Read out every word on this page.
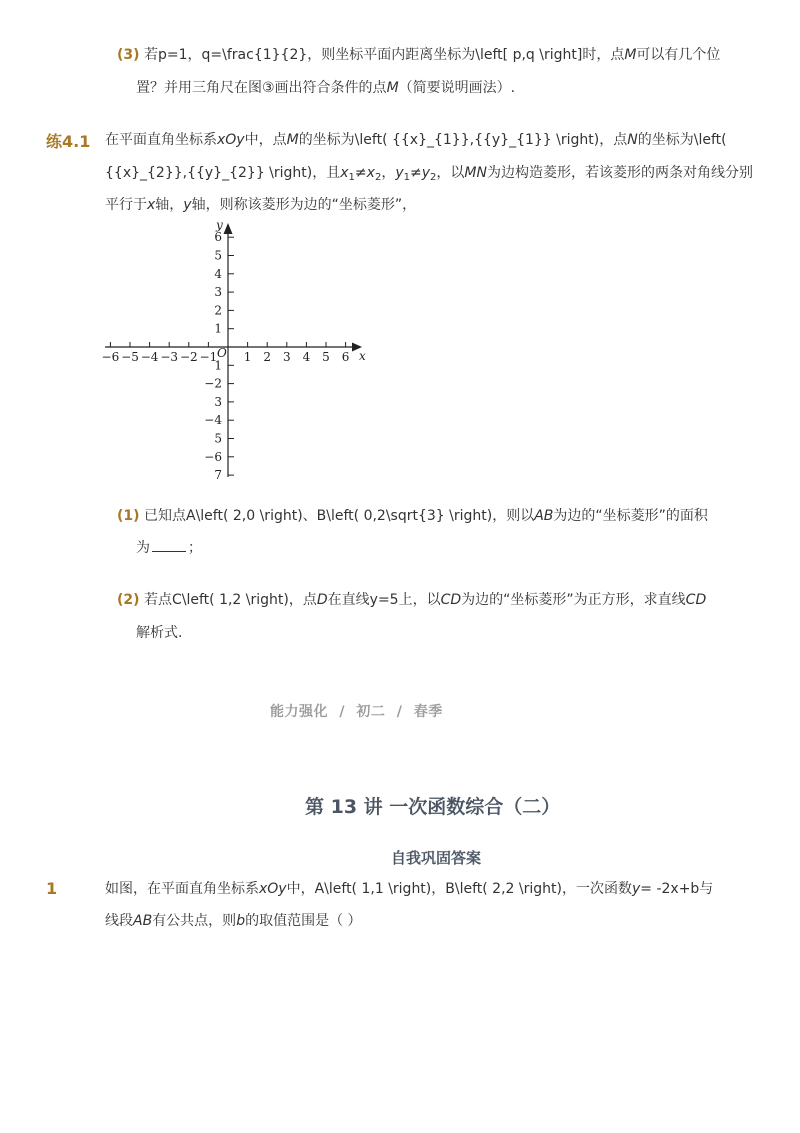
(3) 若p=1，q=\frac{1}{2}，则坐标平面内距离坐标为\left[ p,q \right]时，点M可以有几个位
置？并用三角尺在图③画出符合条件的点M（简要说明画法）.
练4.1 在平面直角坐标系xOy中，点M的坐标为\left( {{x}_{1}},{{y}_{1}} \right)，点N的坐标为\left(
{{x}_{2}},{{y}_{2}} \right)，且$x_1\ne x_2$，$y_1\ne y_2$，以MN为边构造菱形，若该菱形的两条对角线分别
平行于x轴，y轴，则称该菱形为边的“坐标菱形”，
−6 −5 −4 −3 −2 −1 1 2 3 4 5 6
6
5
4
3
2
1
1
−2
3
−4
5
−6
7
x
y
O
(1) 已知点A\left( 2,0 \right)、B\left( 0,2\sqrt{3} \right)，则以AB为边的“坐标菱形”的面积
为	；
(2) 若点C\left( 1,2 \right)，点D在直线y=5上，以CD为边的“坐标菱形”为正方形，求直线CD
解析式.
能力强化 / 初二 / 春季
第 13 讲 一次函数综合（二）
自我巩固答案
1	如图，在平面直角坐标系xOy中，A\left( 1,1 \right)，B\left( 2,2 \right)，一次函数y= -2x+b与
线段AB有公共点，则b的取值范围是（ ）
